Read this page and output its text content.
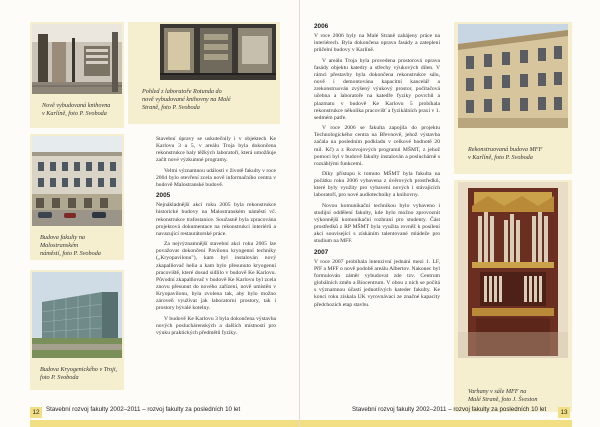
Nově vybudovaná knihovna
v Karlíně, foto P. Svoboda
Pohled z laboratoře Rotunda do
nově vybudované knihovny na Malé
Straně, foto P. Svoboda
Budova fakulty na Malostranském
náměstí, foto P. Svoboda
Budova Kryogenického v Troji,
foto P. Svoboda

Stavební úpravy se uskutečnily i v objektech Ke Karlovu 3 a 5, v areálu Troja byla dokončena rekonstrukce haly těžkých laboratoří, která umožňuje začít nové výzkumné programy.

Velmi významnou událostí v životě fakulty v roce 2004 bylo otevření zcela nově informačního centra v budově Malostranské budově.

2005

Nejnákladnější akcí roku 2005 byla rekonstrukce historické budovy na Malostranském náměstí vč. rekonstrukce trafostanice. Současně byla zpracována projektová dokumentace na rekonstrukci interiérů a navazující restaurátorské práce.

Za nejvýznamnější stavební akci roku 2005 lze považovat dokončení Pavilonu kryogenní techniky („Kryopavilonu"), kam byl instalován nový zkapalňovač helia a kam bylo přesunuto kryogenní pracoviště, které dosud sídlilo v budově Ke Karlovu. Původní zkapalňovač v budově Ke Karlovu byl zcela znovu přesunut do nového zařízení, nově umístěn v Kryopavilonu, byla zvolena tak, aby bylo možno zároveň využívat jak laboratorní prostory, tak i prostory bývalé kotelny.

V budově Ke Karlovu 3 byla dokončena výstavba nových posluchárenských a dalších místností pro výuku praktických předmětů fyziky.

12	Stavební rozvoj fakulty 2002–2011 – rozvoj fakulty za posledních 10 let
2006

V roce 2006 byly na Malé Straně zahájeny práce na interiérech. Byla dokončena oprava fasády a zateplení průčelní budovy v Karlíně.

V areálu Troja byla provedena prostorová oprava fasády objektu katedry a střechy výukových dílen. V rámci přestavby byla dokončena rekonstrukce sálu, nově i demontována kapacitní kancelář a zrekonstruován zvýšený výukový prostor, počítačová učebna a laboratoře na katedře fyziky povrchů a plazmatu v budově Ke Karlovu 5 probíhala rekonstrukce několika pracovišť a fyzikálních praxí v 1. sedmém patře.

V roce 2006 se fakulta zapojila do projektu Technologického centra na Břevnově, jehož výstavba začala na posledním podkladu v celkové hodnotě 20 mil. Kč) a z Rozvojových programů MŠMT, z jehož pomoci byl v budově fakulty instalován a posluchárně s rozsáhlými funkcemi.

Díky přístupu k tomuto MŠMT byla fakulta na počátku roku 2006 vybavena z úvěrových prostředků, které byly využity pro vybavení nových i stávajících laboratoří, pro nové audiotechniky a knihovny.

Novou komunikační technikou bylo vybaveno i studijní oddělení fakulty, kde bylo možno zprovoznit výkonnější komunikační rozhraní pro studenty. Část prostředků z RP MŠMT byla využita rovněž k posílení akcí související s získáním talentované mládeže pro studium na MFF.

2007

V roce 2007 probíhala intenzivní jednání mezi 1. LF, PřF a MFF o nově podobě areálu Albertov. Nakonec byl formulován záměr vybudovat zde tzv. Centrum globálních změn a Biocentrum. V obou z nich se počítá s významnou účastí jednotlivých kateder fakulty. Ke konci roku získala UK vyrovnávací ze značné kapacity předchozích etap stavbu.

Rekonstruovaná budova MFF
v Karlíně, foto P. Svoboda
Varhany v sále MFF na
Malé Straně, foto J. Šveston
Stavební rozvoj fakulty 2002–2011 – rozvoj fakulty za posledních 10 let	13
